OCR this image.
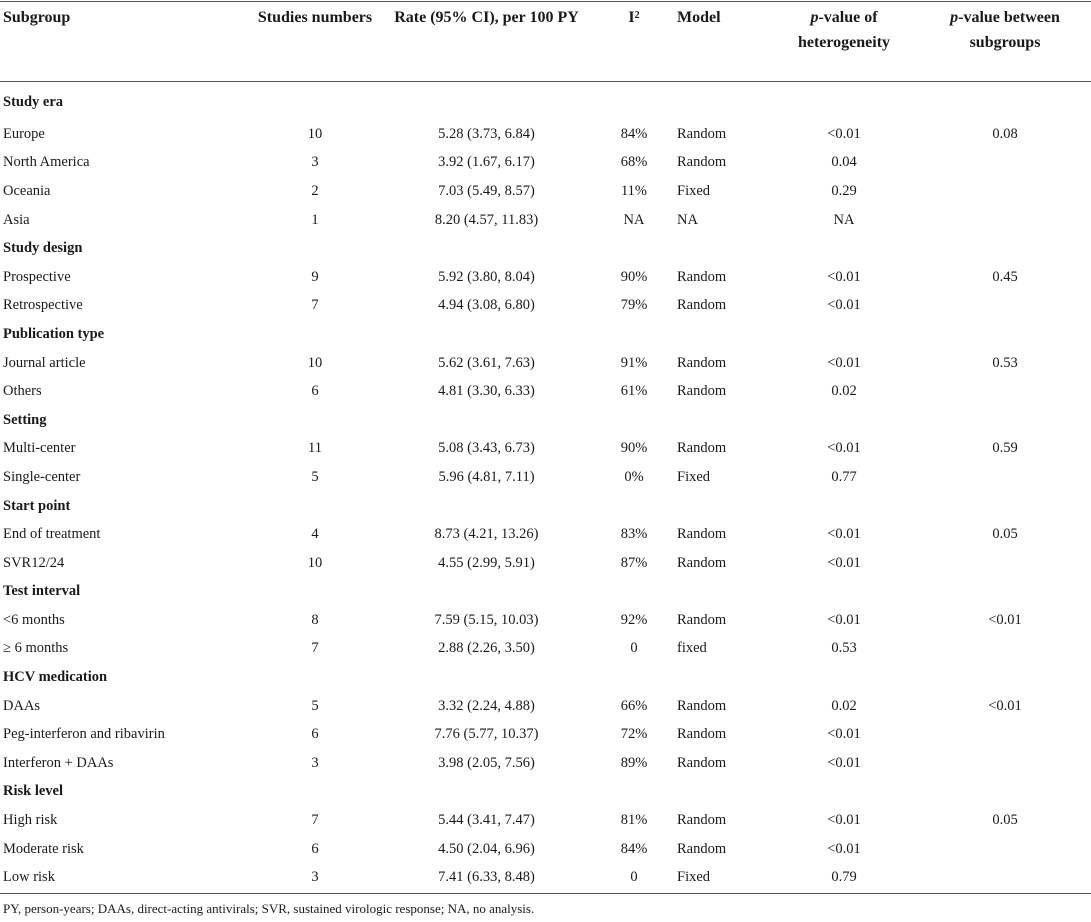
Subgroup	Studies numbers	Rate (95% CI), per 100 PY	$I^2$	Model	p-value of heterogeneity	p-value between subgroups
Study era						
Europe	10	5.28 (3.73, 6.84)	84%	Random	<0.01	0.08
North America	3	3.92 (1.67, 6.17)	68%	Random	0.04	
Oceania	2	7.03 (5.49, 8.57)	11%	Fixed	0.29	
Asia	1	8.20 (4.57, 11.83)	NA	NA	NA	
Study design						
Prospective	9	5.92 (3.80, 8.04)	90%	Random	<0.01	0.45
Retrospective	7	4.94 (3.08, 6.80)	79%	Random	<0.01	
Publication type						
Journal article	10	5.62 (3.61, 7.63)	91%	Random	<0.01	0.53
Others	6	4.81 (3.30, 6.33)	61%	Random	0.02	
Setting						
Multi-center	11	5.08 (3.43, 6.73)	90%	Random	<0.01	0.59
Single-center	5	5.96 (4.81, 7.11)	0%	Fixed	0.77	
Start point						
End of treatment	4	8.73 (4.21, 13.26)	83%	Random	<0.01	0.05
SVR12/24	10	4.55 (2.99, 5.91)	87%	Random	<0.01	
Test interval						
<6 months	8	7.59 (5.15, 10.03)	92%	Random	<0.01	<0.01
≥ 6 months	7	2.88 (2.26, 3.50)	0	fixed	0.53	
HCV medication						
DAAs	5	3.32 (2.24, 4.88)	66%	Random	0.02	<0.01
Peg-interferon and ribavirin	6	7.76 (5.77, 10.37)	72%	Random	<0.01	
Interferon + DAAs	3	3.98 (2.05, 7.56)	89%	Random	<0.01	
Risk level						
High risk	7	5.44 (3.41, 7.47)	81%	Random	<0.01	0.05
Moderate risk	6	4.50 (2.04, 6.96)	84%	Random	<0.01	
Low risk	3	7.41 (6.33, 8.48)	0	Fixed	0.79	
PY, person-years; DAAs, direct-acting antivirals; SVR, sustained virologic response; NA, no analysis.
